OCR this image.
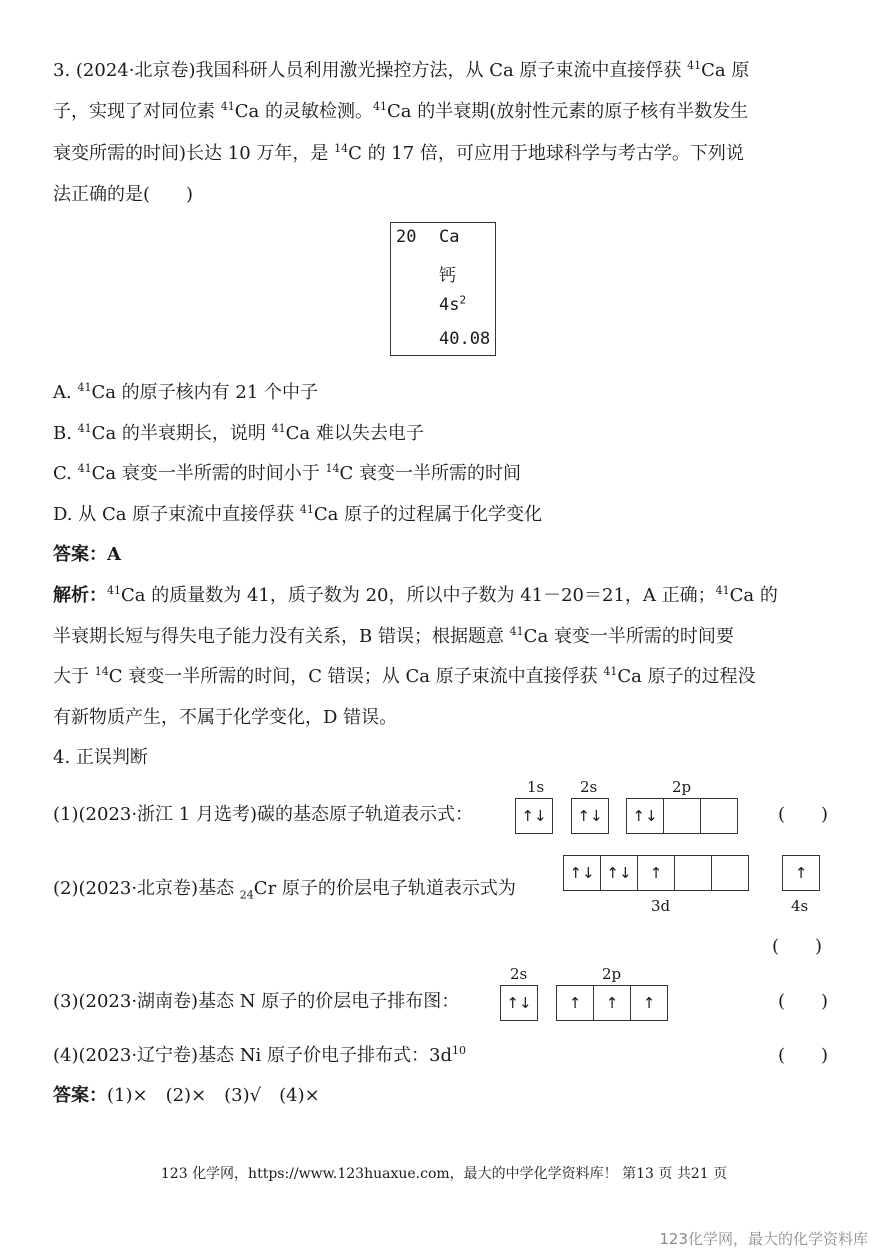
3. (2024·北京卷)我国科研人员利用激光操控方法，从 Ca 原子束流中直接俘获 $^{41}$Ca 原
子，实现了对同位素 $^{41}$Ca 的灵敏检测。$^{41}$Ca 的半衰期(放射性元素的原子核有半数发生
衰变所需的时间)长达 10 万年，是 $^{14}$C 的 17 倍，可应用于地球科学与考古学。下列说
法正确的是(　　)
20 Ca
钙
$4s^2$
40.08
A. $^{41}$Ca 的原子核内有 21 个中子
B. $^{41}$Ca 的半衰期长，说明 $^{41}$Ca 难以失去电子
C. $^{41}$Ca 衰变一半所需的时间小于 $^{14}$C 衰变一半所需的时间
D. 从 Ca 原子束流中直接俘获 $^{41}$Ca 原子的过程属于化学变化
答案：A
解析：$^{41}$Ca 的质量数为 41，质子数为 20，所以中子数为 41－20＝21，A 正确；$^{41}$Ca 的
半衰期长短与得失电子能力没有关系，B 错误；根据题意 $^{41}$Ca 衰变一半所需的时间要
大于 $^{14}$C 衰变一半所需的时间，C 错误；从 Ca 原子束流中直接俘获 $^{41}$Ca 原子的过程没
有新物质产生，不属于化学变化，D 错误。
4. 正误判断
(1)(2023·浙江 1 月选考)碳的基态原子轨道表示式：
1s 2s	2p
↑↓	↑↓	↑↓	(　　)
(2)(2023·北京卷)基态 $_{24}$Cr 原子的价层电子轨道表示式为
↑↓ ↑↓	↑	↑
3d	4s
(　　)
(3)(2023·湖南卷)基态 N 原子的价层电子排布图：
2s	2p
↑↓	↑	↑	↑	(　　)
(4)(2023·辽宁卷)基态 Ni 原子价电子排布式：$3d^{10}$	(　　)
答案：(1)×　(2)×　(3)√　(4)×
123 化学网，https://www.123huaxue.com，最大的中学化学资料库！ 第13 页 共21 页
123化学网，最大的化学资料库
